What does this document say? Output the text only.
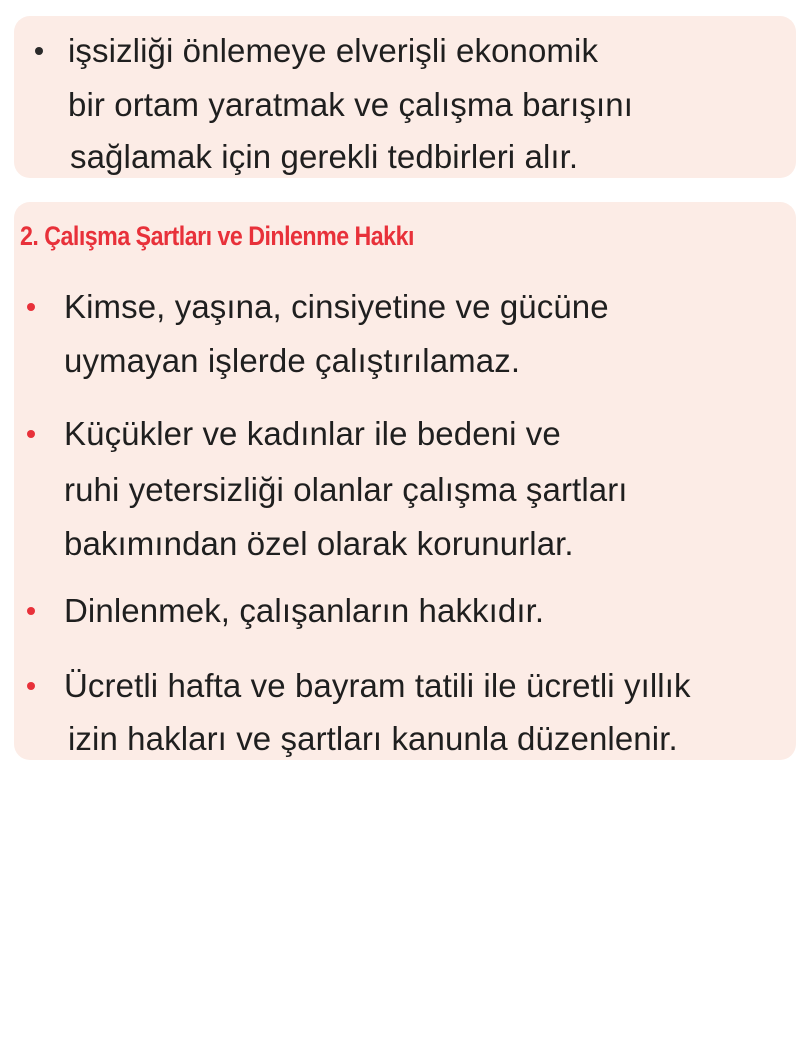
işsizliği önlemeye elverişli ekonomik
bir ortam yaratmak ve çalışma barışını
sağlamak için gerekli tedbirleri alır.
2. Çalışma Şartları ve Dinlenme Hakkı
Kimse, yaşına, cinsiyetine ve gücüne
uymayan işlerde çalıştırılamaz.
Küçükler ve kadınlar ile bedeni ve
ruhi yetersizliği olanlar çalışma şartları
bakımından özel olarak korunurlar.
Dinlenmek, çalışanların hakkıdır.
Ücretli hafta ve bayram tatili ile ücretli yıllık
izin hakları ve şartları kanunla düzenlenir.
